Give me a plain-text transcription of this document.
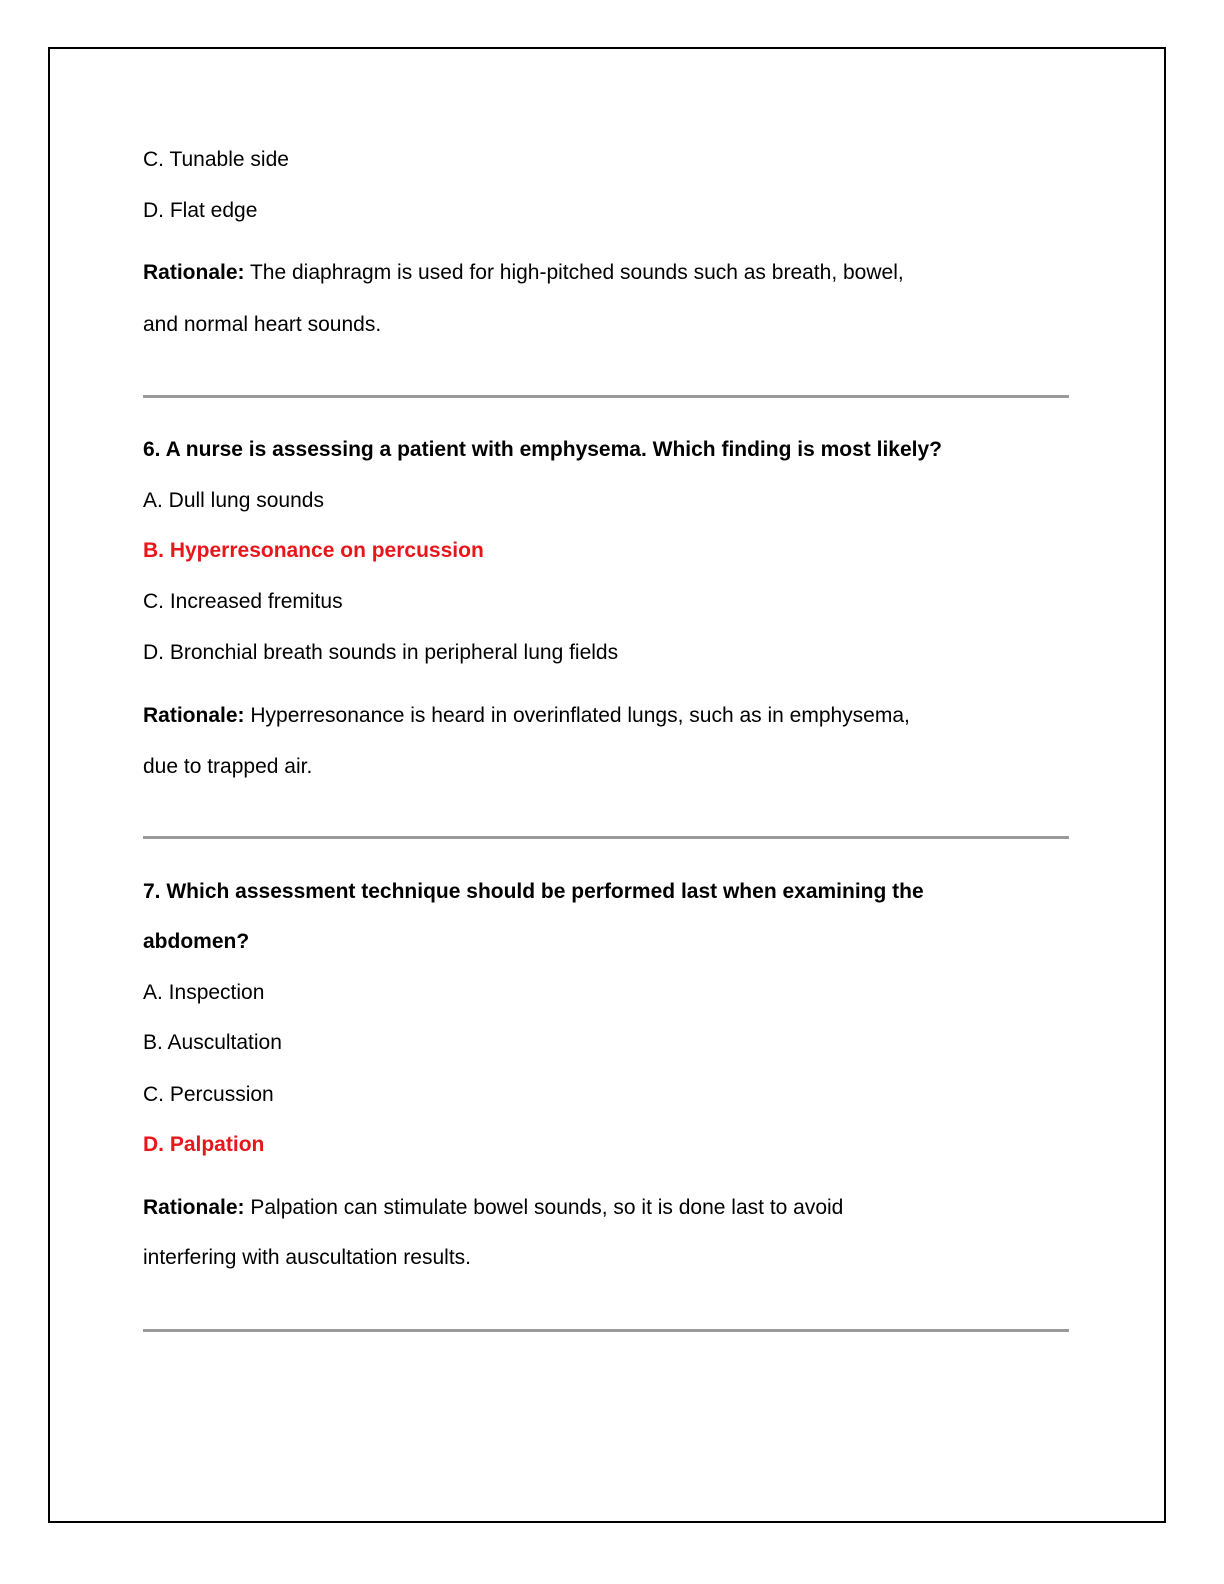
C. Tunable side
D. Flat edge
Rationale: The diaphragm is used for high-pitched sounds such as breath, bowel,
and normal heart sounds.
6. A nurse is assessing a patient with emphysema. Which finding is most likely?
A. Dull lung sounds
B. Hyperresonance on percussion
C. Increased fremitus
D. Bronchial breath sounds in peripheral lung fields
Rationale: Hyperresonance is heard in overinflated lungs, such as in emphysema,
due to trapped air.
7. Which assessment technique should be performed last when examining the
abdomen?
A. Inspection
B. Auscultation
C. Percussion
D. Palpation
Rationale: Palpation can stimulate bowel sounds, so it is done last to avoid
interfering with auscultation results.
